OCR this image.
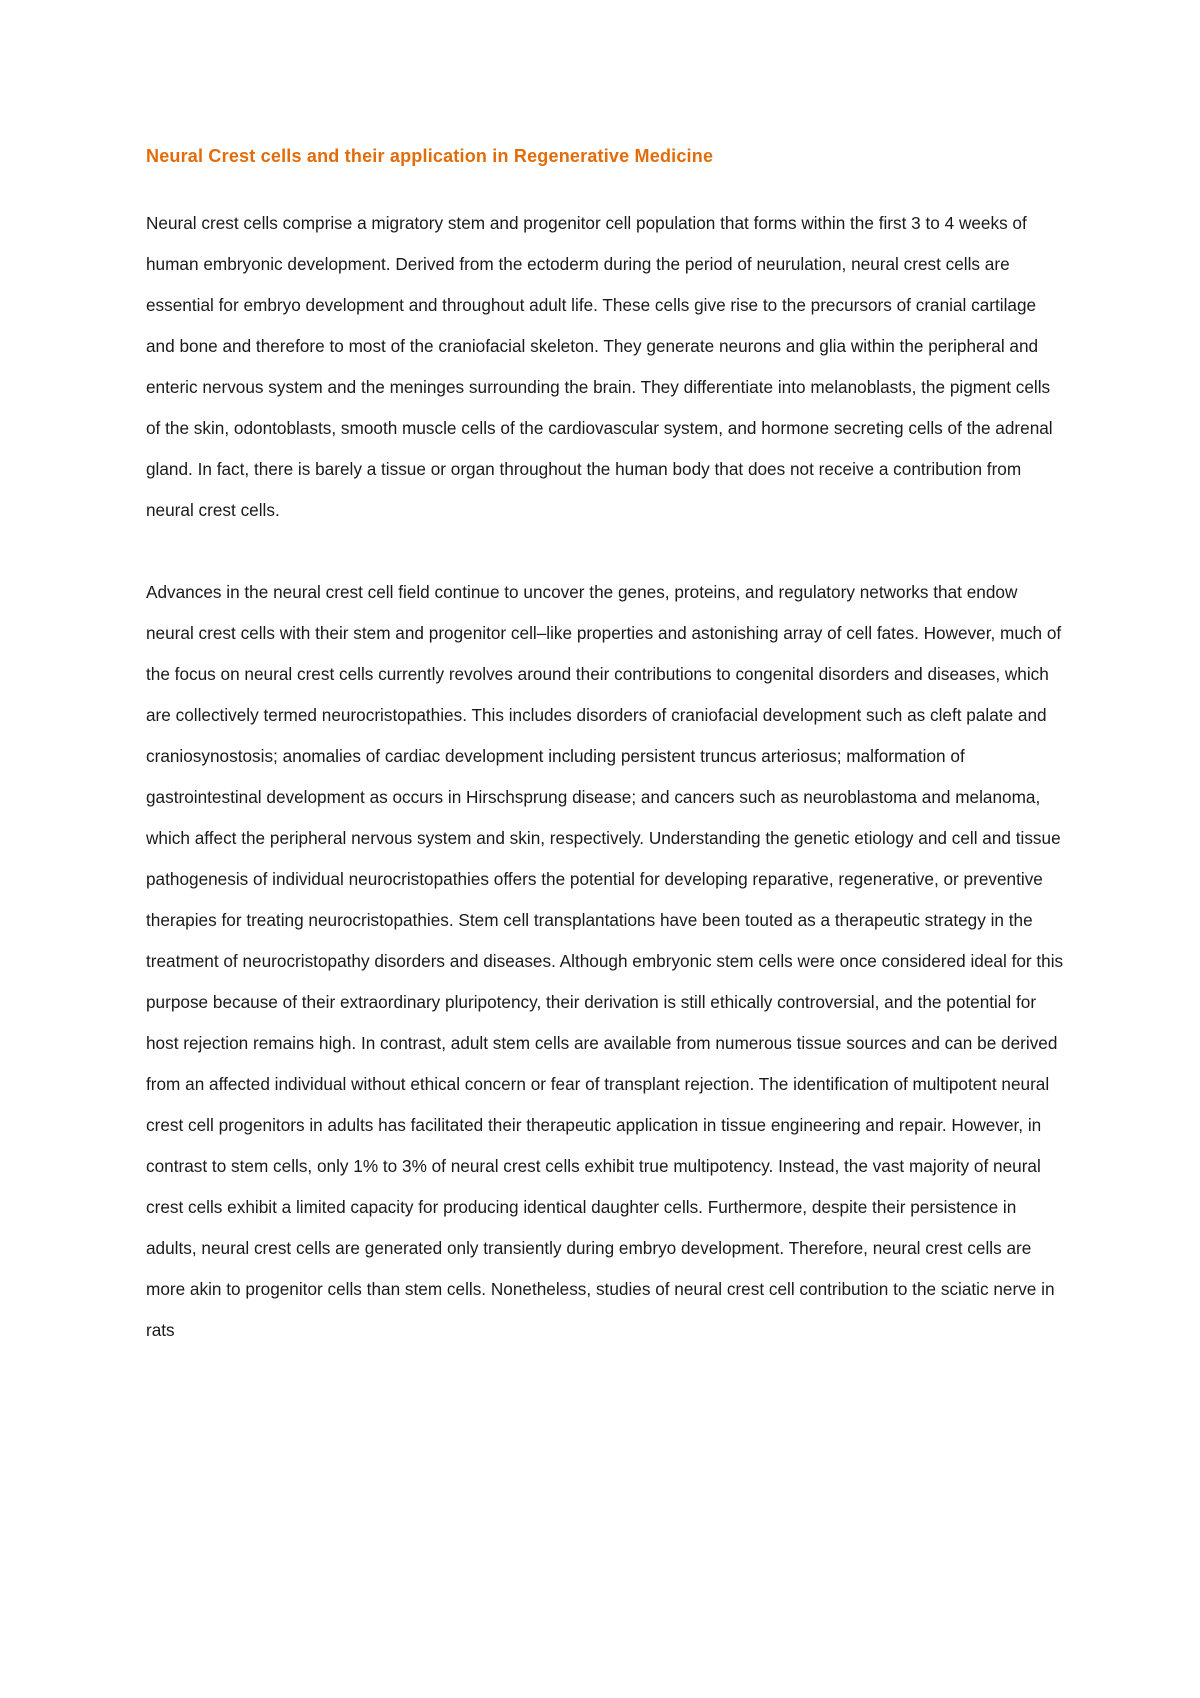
Neural Crest cells and their application in Regenerative Medicine

Neural crest cells comprise a migratory stem and progenitor cell population that forms within the first 3 to 4 weeks of human embryonic development. Derived from the ectoderm during the period of neurulation, neural crest cells are essential for embryo development and throughout adult life. These cells give rise to the precursors of cranial cartilage and bone and therefore to most of the craniofacial skeleton. They generate neurons and glia within the peripheral and enteric nervous system and the meninges surrounding the brain. They differentiate into melanoblasts, the pigment cells of the skin, odontoblasts, smooth muscle cells of the cardiovascular system, and hormone secreting cells of the adrenal gland. In fact, there is barely a tissue or organ throughout the human body that does not receive a contribution from neural crest cells.

Advances in the neural crest cell field continue to uncover the genes, proteins, and regulatory networks that endow neural crest cells with their stem and progenitor cell–like properties and astonishing array of cell fates. However, much of the focus on neural crest cells currently revolves around their contributions to congenital disorders and diseases, which are collectively termed neurocristopathies. This includes disorders of craniofacial development such as cleft palate and craniosynostosis; anomalies of cardiac development including persistent truncus arteriosus; malformation of gastrointestinal development as occurs in Hirschsprung disease; and cancers such as neuroblastoma and melanoma, which affect the peripheral nervous system and skin, respectively. Understanding the genetic etiology and cell and tissue pathogenesis of individual neurocristopathies offers the potential for developing reparative, regenerative, or preventive therapies for treating neurocristopathies. Stem cell transplantations have been touted as a therapeutic strategy in the treatment of neurocristopathy disorders and diseases. Although embryonic stem cells were once considered ideal for this purpose because of their extraordinary pluripotency, their derivation is still ethically controversial, and the potential for host rejection remains high. In contrast, adult stem cells are available from numerous tissue sources and can be derived from an affected individual without ethical concern or fear of transplant rejection. The identification of multipotent neural crest cell progenitors in adults has facilitated their therapeutic application in tissue engineering and repair. However, in contrast to stem cells, only 1% to 3% of neural crest cells exhibit true multipotency. Instead, the vast majority of neural crest cells exhibit a limited capacity for producing identical daughter cells. Furthermore, despite their persistence in adults, neural crest cells are generated only transiently during embryo development. Therefore, neural crest cells are more akin to progenitor cells than stem cells. Nonetheless, studies of neural crest cell contribution to the sciatic nerve in rats
